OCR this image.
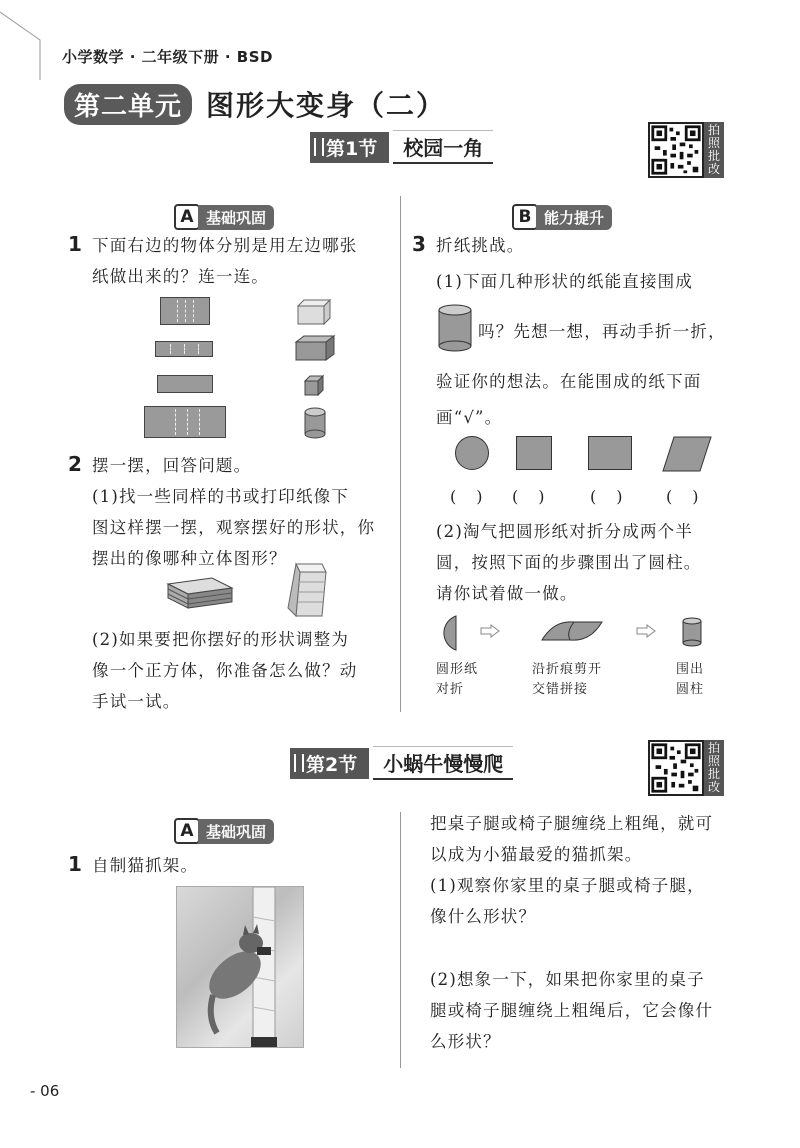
小学数学 · 二年级下册 · BSD
第二单元 图形大变身（二）
第1节	校园一角
拍
照
批
改
A 基础巩固	B 能力提升
1 下面右边的物体分别是用左边哪张
纸做出来的？连一连。
2 摆一摆，回答问题。
(1)找一些同样的书或打印纸像下
图这样摆一摆，观察摆好的形状，你
摆出的像哪种立体图形？
(2)如果要把你摆好的形状调整为
像一个正方体，你准备怎么做？动
手试一试。
3 折纸挑战。
(1)下面几种形状的纸能直接围成
吗？先想一想，再动手折一折，
验证你的想法。在能围成的纸下面
画“√”。
(　) (　)	(　)	(　)
(2)淘气把圆形纸对折分成两个半
圆，按照下面的步骤围出了圆柱。
请你试着做一做。
圆形纸
对折
沿折痕剪开
交错拼接
围出
圆柱
第2节	小蜗牛慢慢爬
拍
照
批
改
A 基础巩固
1 自制猫抓架。
把桌子腿或椅子腿缠绕上粗绳，就可
以成为小猫最爱的猫抓架。
(1)观察你家里的桌子腿或椅子腿，
像什么形状？
(2)想象一下，如果把你家里的桌子
腿或椅子腿缠绕上粗绳后，它会像什
么形状？
- 06
